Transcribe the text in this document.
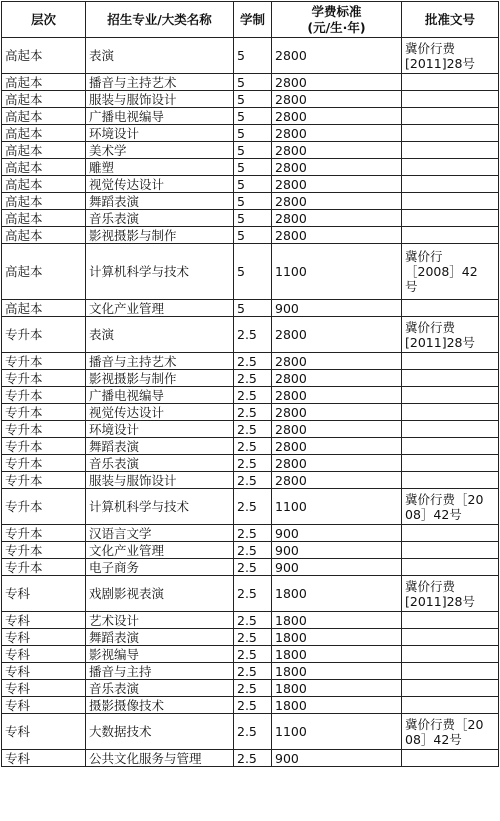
层次	招生专业/大类名称	学制	学费标准
(元/生·年)	批准文号
高起本	表演	5	2800	冀价行费
[2011]28号
高起本	播音与主持艺术	5	2800	
高起本	服装与服饰设计	5	2800	
高起本	广播电视编导	5	2800	
高起本	环境设计	5	2800	
高起本	美术学	5	2800	
高起本	雕塑	5	2800	
高起本	视觉传达设计	5	2800	
高起本	舞蹈表演	5	2800	
高起本	音乐表演	5	2800	
高起本	影视摄影与制作	5	2800	
高起本	计算机科学与技术	5	1100	冀价行
［2008］42
号
高起本	文化产业管理	5	900	
专升本	表演	2.5	2800	冀价行费
[2011]28号
专升本	播音与主持艺术	2.5	2800	
专升本	影视摄影与制作	2.5	2800	
专升本	广播电视编导	2.5	2800	
专升本	视觉传达设计	2.5	2800	
专升本	环境设计	2.5	2800	
专升本	舞蹈表演	2.5	2800	
专升本	音乐表演	2.5	2800	
专升本	服装与服饰设计	2.5	2800	
专升本	计算机科学与技术	2.5	1100	冀价行费［20
08］42号
专升本	汉语言文学	2.5	900	
专升本	文化产业管理	2.5	900	
专升本	电子商务	2.5	900	
专科	戏剧影视表演	2.5	1800	冀价行费
[2011]28号
专科	艺术设计	2.5	1800	
专科	舞蹈表演	2.5	1800	
专科	影视编导	2.5	1800	
专科	播音与主持	2.5	1800	
专科	音乐表演	2.5	1800	
专科	摄影摄像技术	2.5	1800	
专科	大数据技术	2.5	1100	冀价行费［20
08］42号
专科	公共文化服务与管理	2.5	900	
